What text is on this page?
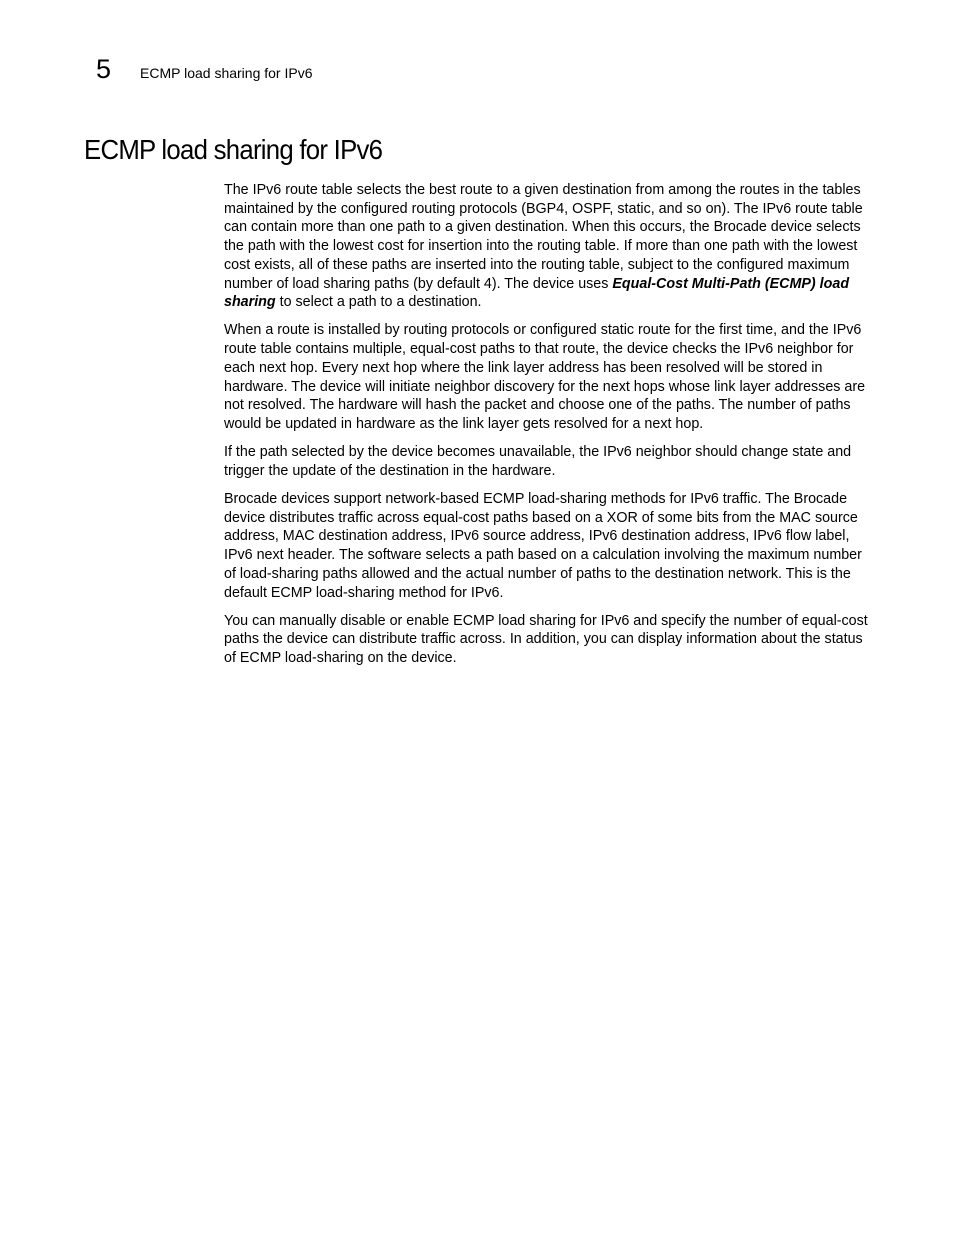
5	ECMP load sharing for IPv6
ECMP load sharing for IPv6

The IPv6 route table selects the best route to a given destination from among the routes in the tables maintained by the configured routing protocols (BGP4, OSPF, static, and so on). The IPv6 route table can contain more than one path to a given destination. When this occurs, the Brocade device selects the path with the lowest cost for insertion into the routing table. If more than one path with the lowest cost exists, all of these paths are inserted into the routing table, subject to the configured maximum number of load sharing paths (by default 4). The device uses Equal-Cost Multi-Path (ECMP) load sharing to select a path to a destination.

When a route is installed by routing protocols or configured static route for the first time, and the IPv6 route table contains multiple, equal-cost paths to that route, the device checks the IPv6 neighbor for each next hop. Every next hop where the link layer address has been resolved will be stored in hardware. The device will initiate neighbor discovery for the next hops whose link layer addresses are not resolved. The hardware will hash the packet and choose one of the paths. The number of paths would be updated in hardware as the link layer gets resolved for a next hop.

If the path selected by the device becomes unavailable, the IPv6 neighbor should change state and trigger the update of the destination in the hardware.

Brocade devices support network-based ECMP load-sharing methods for IPv6 traffic. The Brocade device distributes traffic across equal-cost paths based on a XOR of some bits from the MAC source address, MAC destination address, IPv6 source address, IPv6 destination address, IPv6 flow label, IPv6 next header. The software selects a path based on a calculation involving the maximum number of load-sharing paths allowed and the actual number of paths to the destination network. This is the default ECMP load-sharing method for IPv6.

You can manually disable or enable ECMP load sharing for IPv6 and specify the number of equal-cost paths the device can distribute traffic across. In addition, you can display information about the status of ECMP load-sharing on the device.
